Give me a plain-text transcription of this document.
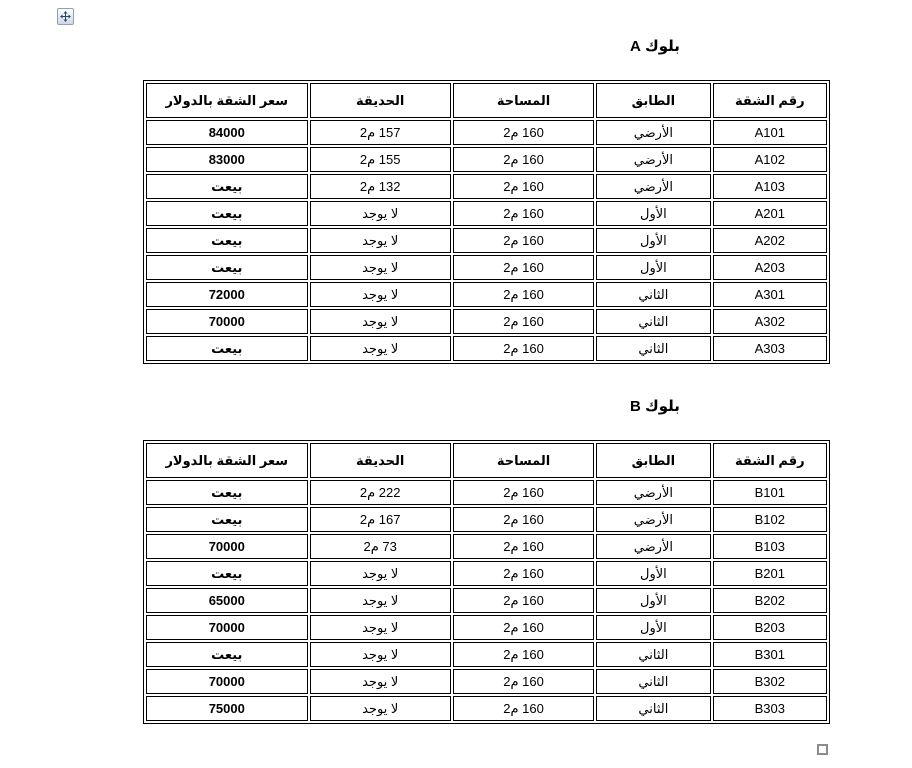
بلوك A
رقم الشقة	الطابق	المساحة	الحديقة	سعر الشقة بالدولار
A101	الأرضي	160 م2	157 م2	84000
A102	الأرضي	160 م2	155 م2	83000
A103	الأرضي	160 م2	132 م2	بيعت
A201	الأول	160 م2	لا يوجد	بيعت
A202	الأول	160 م2	لا يوجد	بيعت
A203	الأول	160 م2	لا يوجد	بيعت
A301	الثاني	160 م2	لا يوجد	72000
A302	الثاني	160 م2	لا يوجد	70000
A303	الثاني	160 م2	لا يوجد	بيعت
بلوك B
رقم الشقة	الطابق	المساحة	الحديقة	سعر الشقة بالدولار
B101	الأرضي	160 م2	222 م2	بيعت
B102	الأرضي	160 م2	167 م2	بيعت
B103	الأرضي	160 م2	73 م2	70000
B201	الأول	160 م2	لا يوجد	بيعت
B202	الأول	160 م2	لا يوجد	65000
B203	الأول	160 م2	لا يوجد	70000
B301	الثاني	160 م2	لا يوجد	بيعت
B302	الثاني	160 م2	لا يوجد	70000
B303	الثاني	160 م2	لا يوجد	75000
